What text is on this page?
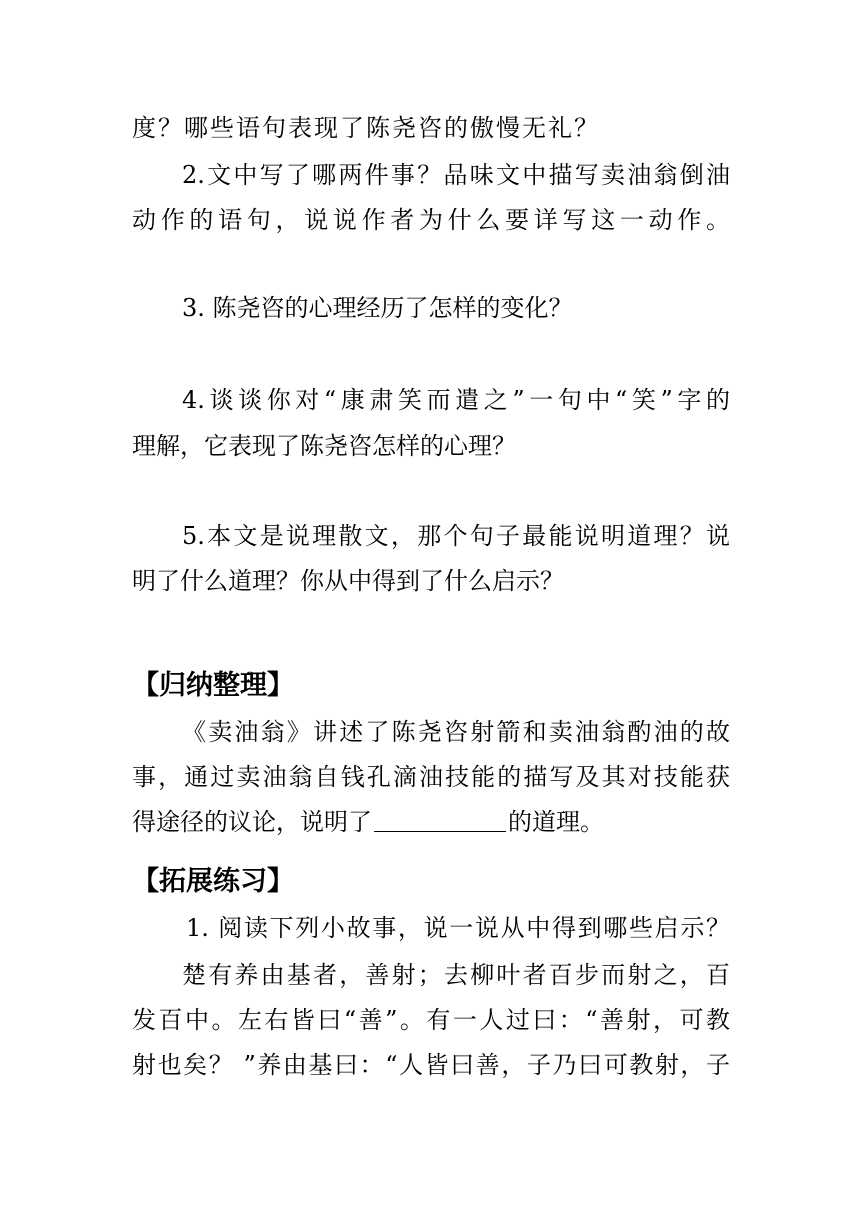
度？哪些语句表现了陈尧咨的傲慢无礼？
2.文中写了哪两件事？品味文中描写卖油翁倒油
动作的语句，说说作者为什么要详写这一动作。
3. 陈尧咨的心理经历了怎样的变化？
4.谈谈你对“康肃笑而遣之”一句中“笑”字的
理解，它表现了陈尧咨怎样的心理？
5.本文是说理散文，那个句子最能说明道理？说
明了什么道理？你从中得到了什么启示？
【归纳整理】
《卖油翁》讲述了陈尧咨射箭和卖油翁酌油的故
事，通过卖油翁自钱孔滴油技能的描写及其对技能获
得途径的议论，说明了	的道理。
【拓展练习】
1. 阅读下列小故事，说一说从中得到哪些启示？
楚有养由基者，善射；去柳叶者百步而射之，百
发百中。左右皆曰“善”。有一人过曰：“善射，可教
射也矣？ ”养由基曰：“人皆曰善，子乃曰可教射，子
